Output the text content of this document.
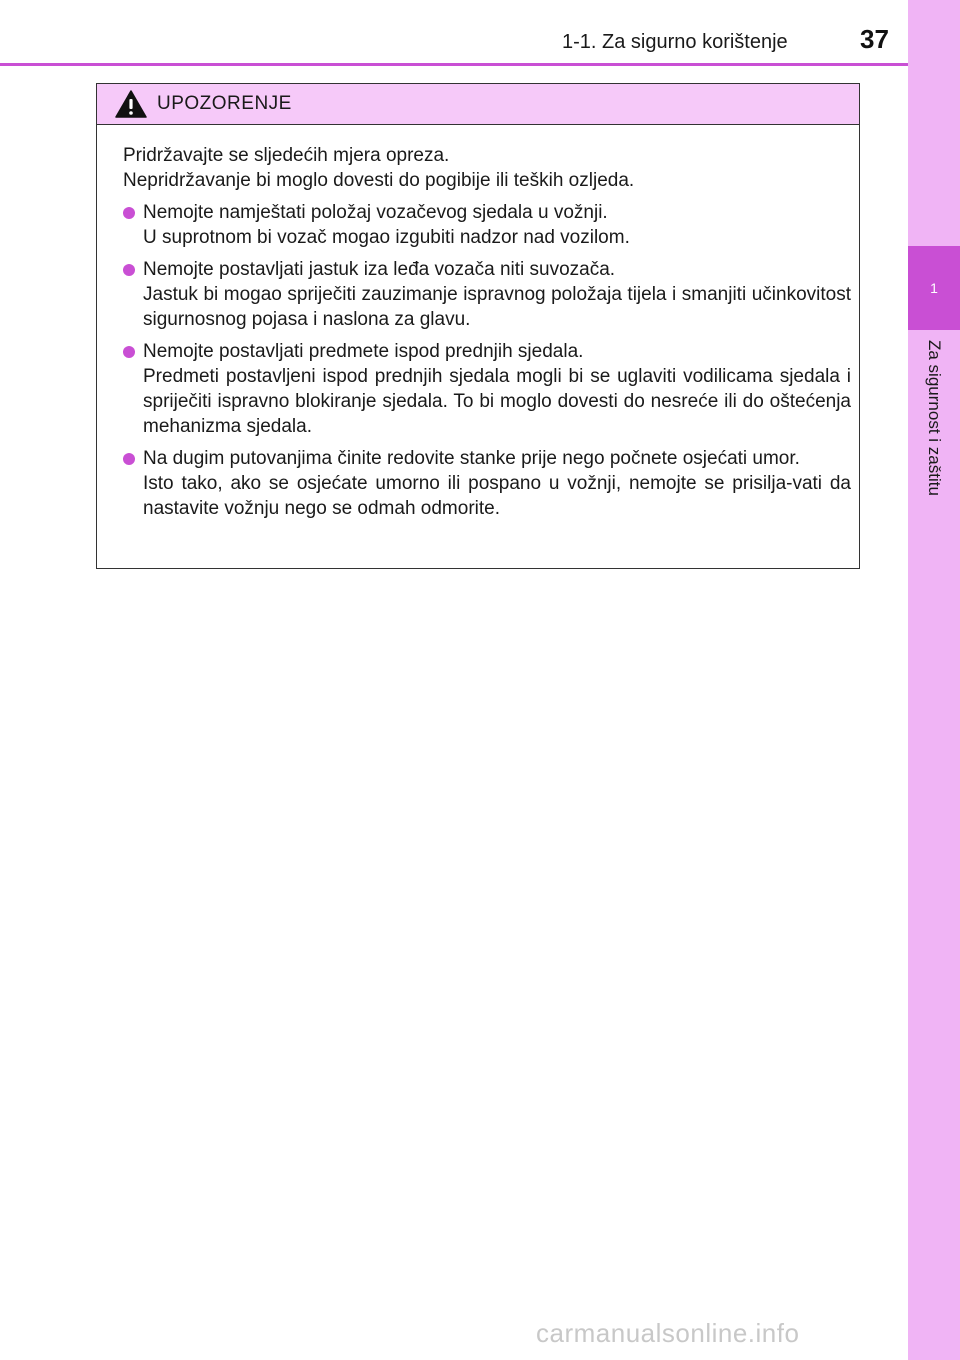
1
Za sigurnost i zaštitu
1-1. Za sigurno korištenje	37
UPOZORENJE

Pridržavajte se sljedećih mjera opreza.

Nepridržavanje bi moglo dovesti do pogibije ili teških ozljeda.

Nemojte namještati položaj vozačevog sjedala u vožnji.

U suprotnom bi vozač mogao izgubiti nadzor nad vozilom.

Nemojte postavljati jastuk iza leđa vozača niti suvozača.

Jastuk bi mogao spriječiti zauzimanje ispravnog položaja tijela i smanjiti učinkovitost sigurnosnog pojasa i naslona za glavu.

Nemojte postavljati predmete ispod prednjih sjedala.

Predmeti postavljeni ispod prednjih sjedala mogli bi se uglaviti vodilicama sjedala i spriječiti ispravno blokiranje sjedala. To bi moglo dovesti do nesreće ili do oštećenja mehanizma sjedala.

Na dugim putovanjima činite redovite stanke prije nego počnete osjećati umor.

Isto tako, ako se osjećate umorno ili pospano u vožnji, nemojte se prisilja-vati da nastavite vožnju nego se odmah odmorite.

carmanualsonline.info
